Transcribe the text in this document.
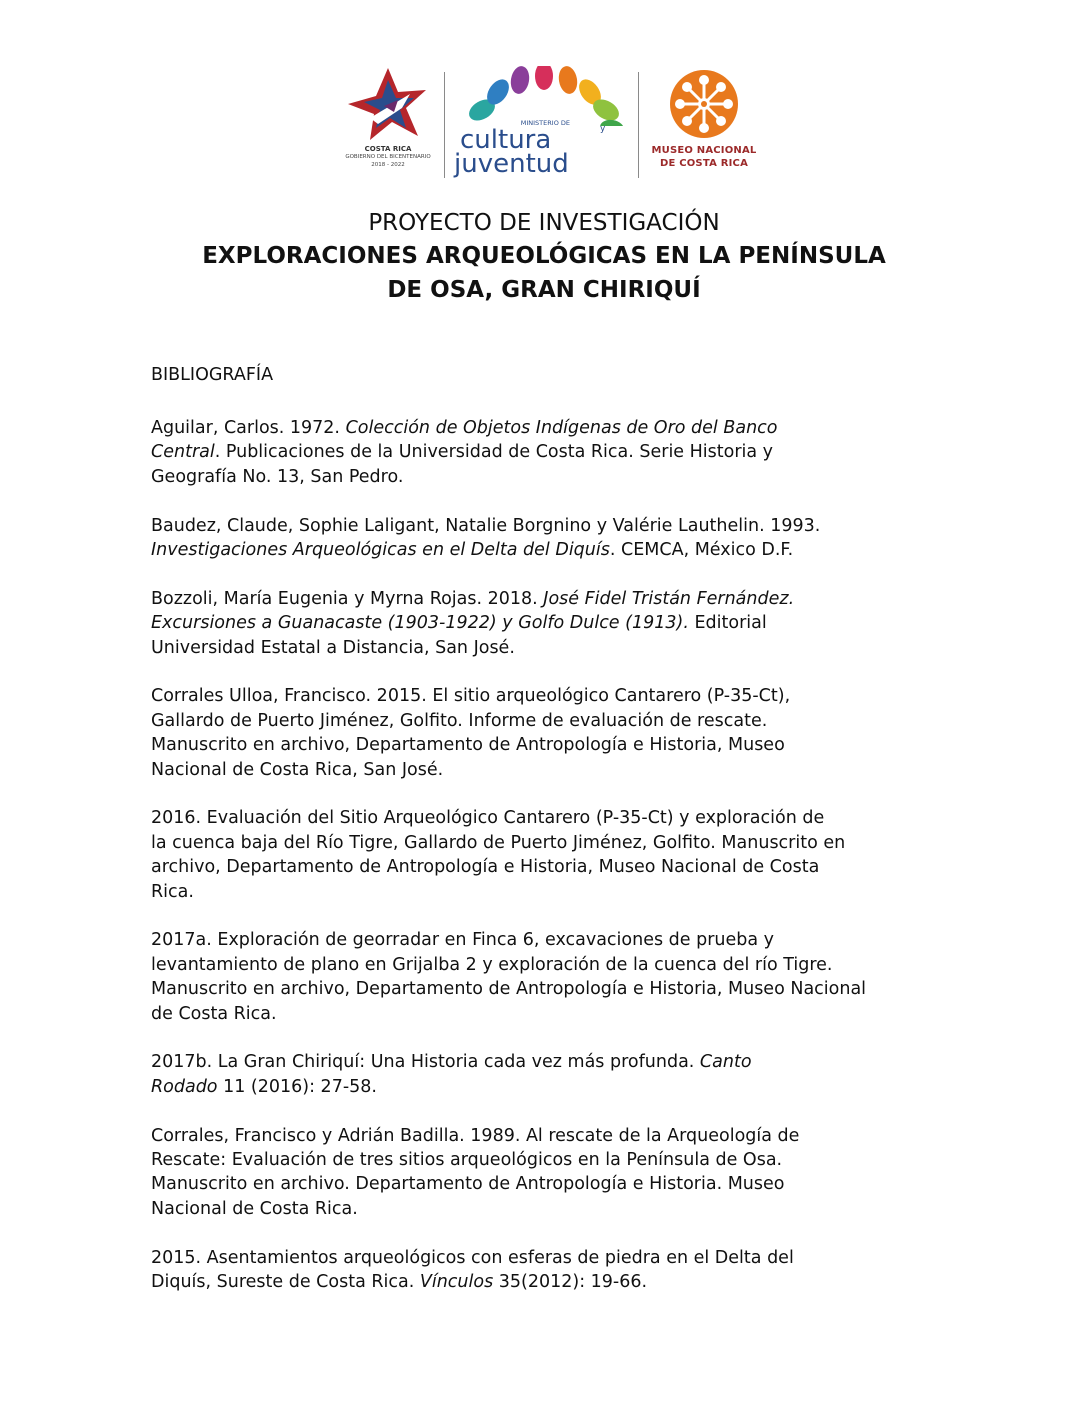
COSTA RICA
GOBIERNO DEL BICENTENARIO
2018 - 2022
MINISTERIO DE
cultura	y
juventud	MUSEO NACIONAL
DE COSTA RICA
PROYECTO DE INVESTIGACIÓN
EXPLORACIONES ARQUEOLÓGICAS EN LA PENÍNSULA
DE OSA, GRAN CHIRIQUÍ
BIBLIOGRAFÍA
Aguilar, Carlos. 1972. Colección de Objetos Indígenas de Oro del Banco
Central. Publicaciones de la Universidad de Costa Rica. Serie Historia y
Geografía No. 13, San Pedro.
Baudez, Claude, Sophie Laligant, Natalie Borgnino y Valérie Lauthelin. 1993.
Investigaciones Arqueológicas en el Delta del Diquís. CEMCA, México D.F.
Bozzoli, María Eugenia y Myrna Rojas. 2018. José Fidel Tristán Fernández.
Excursiones a Guanacaste (1903-1922) y Golfo Dulce (1913). Editorial
Universidad Estatal a Distancia, San José.
Corrales Ulloa, Francisco. 2015. El sitio arqueológico Cantarero (P-35-Ct),
Gallardo de Puerto Jiménez, Golfito. Informe de evaluación de rescate.
Manuscrito en archivo, Departamento de Antropología e Historia, Museo
Nacional de Costa Rica, San José.
2016. Evaluación del Sitio Arqueológico Cantarero (P-35-Ct) y exploración de
la cuenca baja del Río Tigre, Gallardo de Puerto Jiménez, Golfito. Manuscrito en
archivo, Departamento de Antropología e Historia, Museo Nacional de Costa
Rica.
2017a. Exploración de georradar en Finca 6, excavaciones de prueba y
levantamiento de plano en Grijalba 2 y exploración de la cuenca del río Tigre.
Manuscrito en archivo, Departamento de Antropología e Historia, Museo Nacional
de Costa Rica.
2017b. La Gran Chiriquí: Una Historia cada vez más profunda. Canto
Rodado 11 (2016): 27-58.
Corrales, Francisco y Adrián Badilla. 1989. Al rescate de la Arqueología de
Rescate: Evaluación de tres sitios arqueológicos en la Península de Osa.
Manuscrito en archivo. Departamento de Antropología e Historia. Museo
Nacional de Costa Rica.
2015. Asentamientos arqueológicos con esferas de piedra en el Delta del
Diquís, Sureste de Costa Rica. Vínculos 35(2012): 19-66.
